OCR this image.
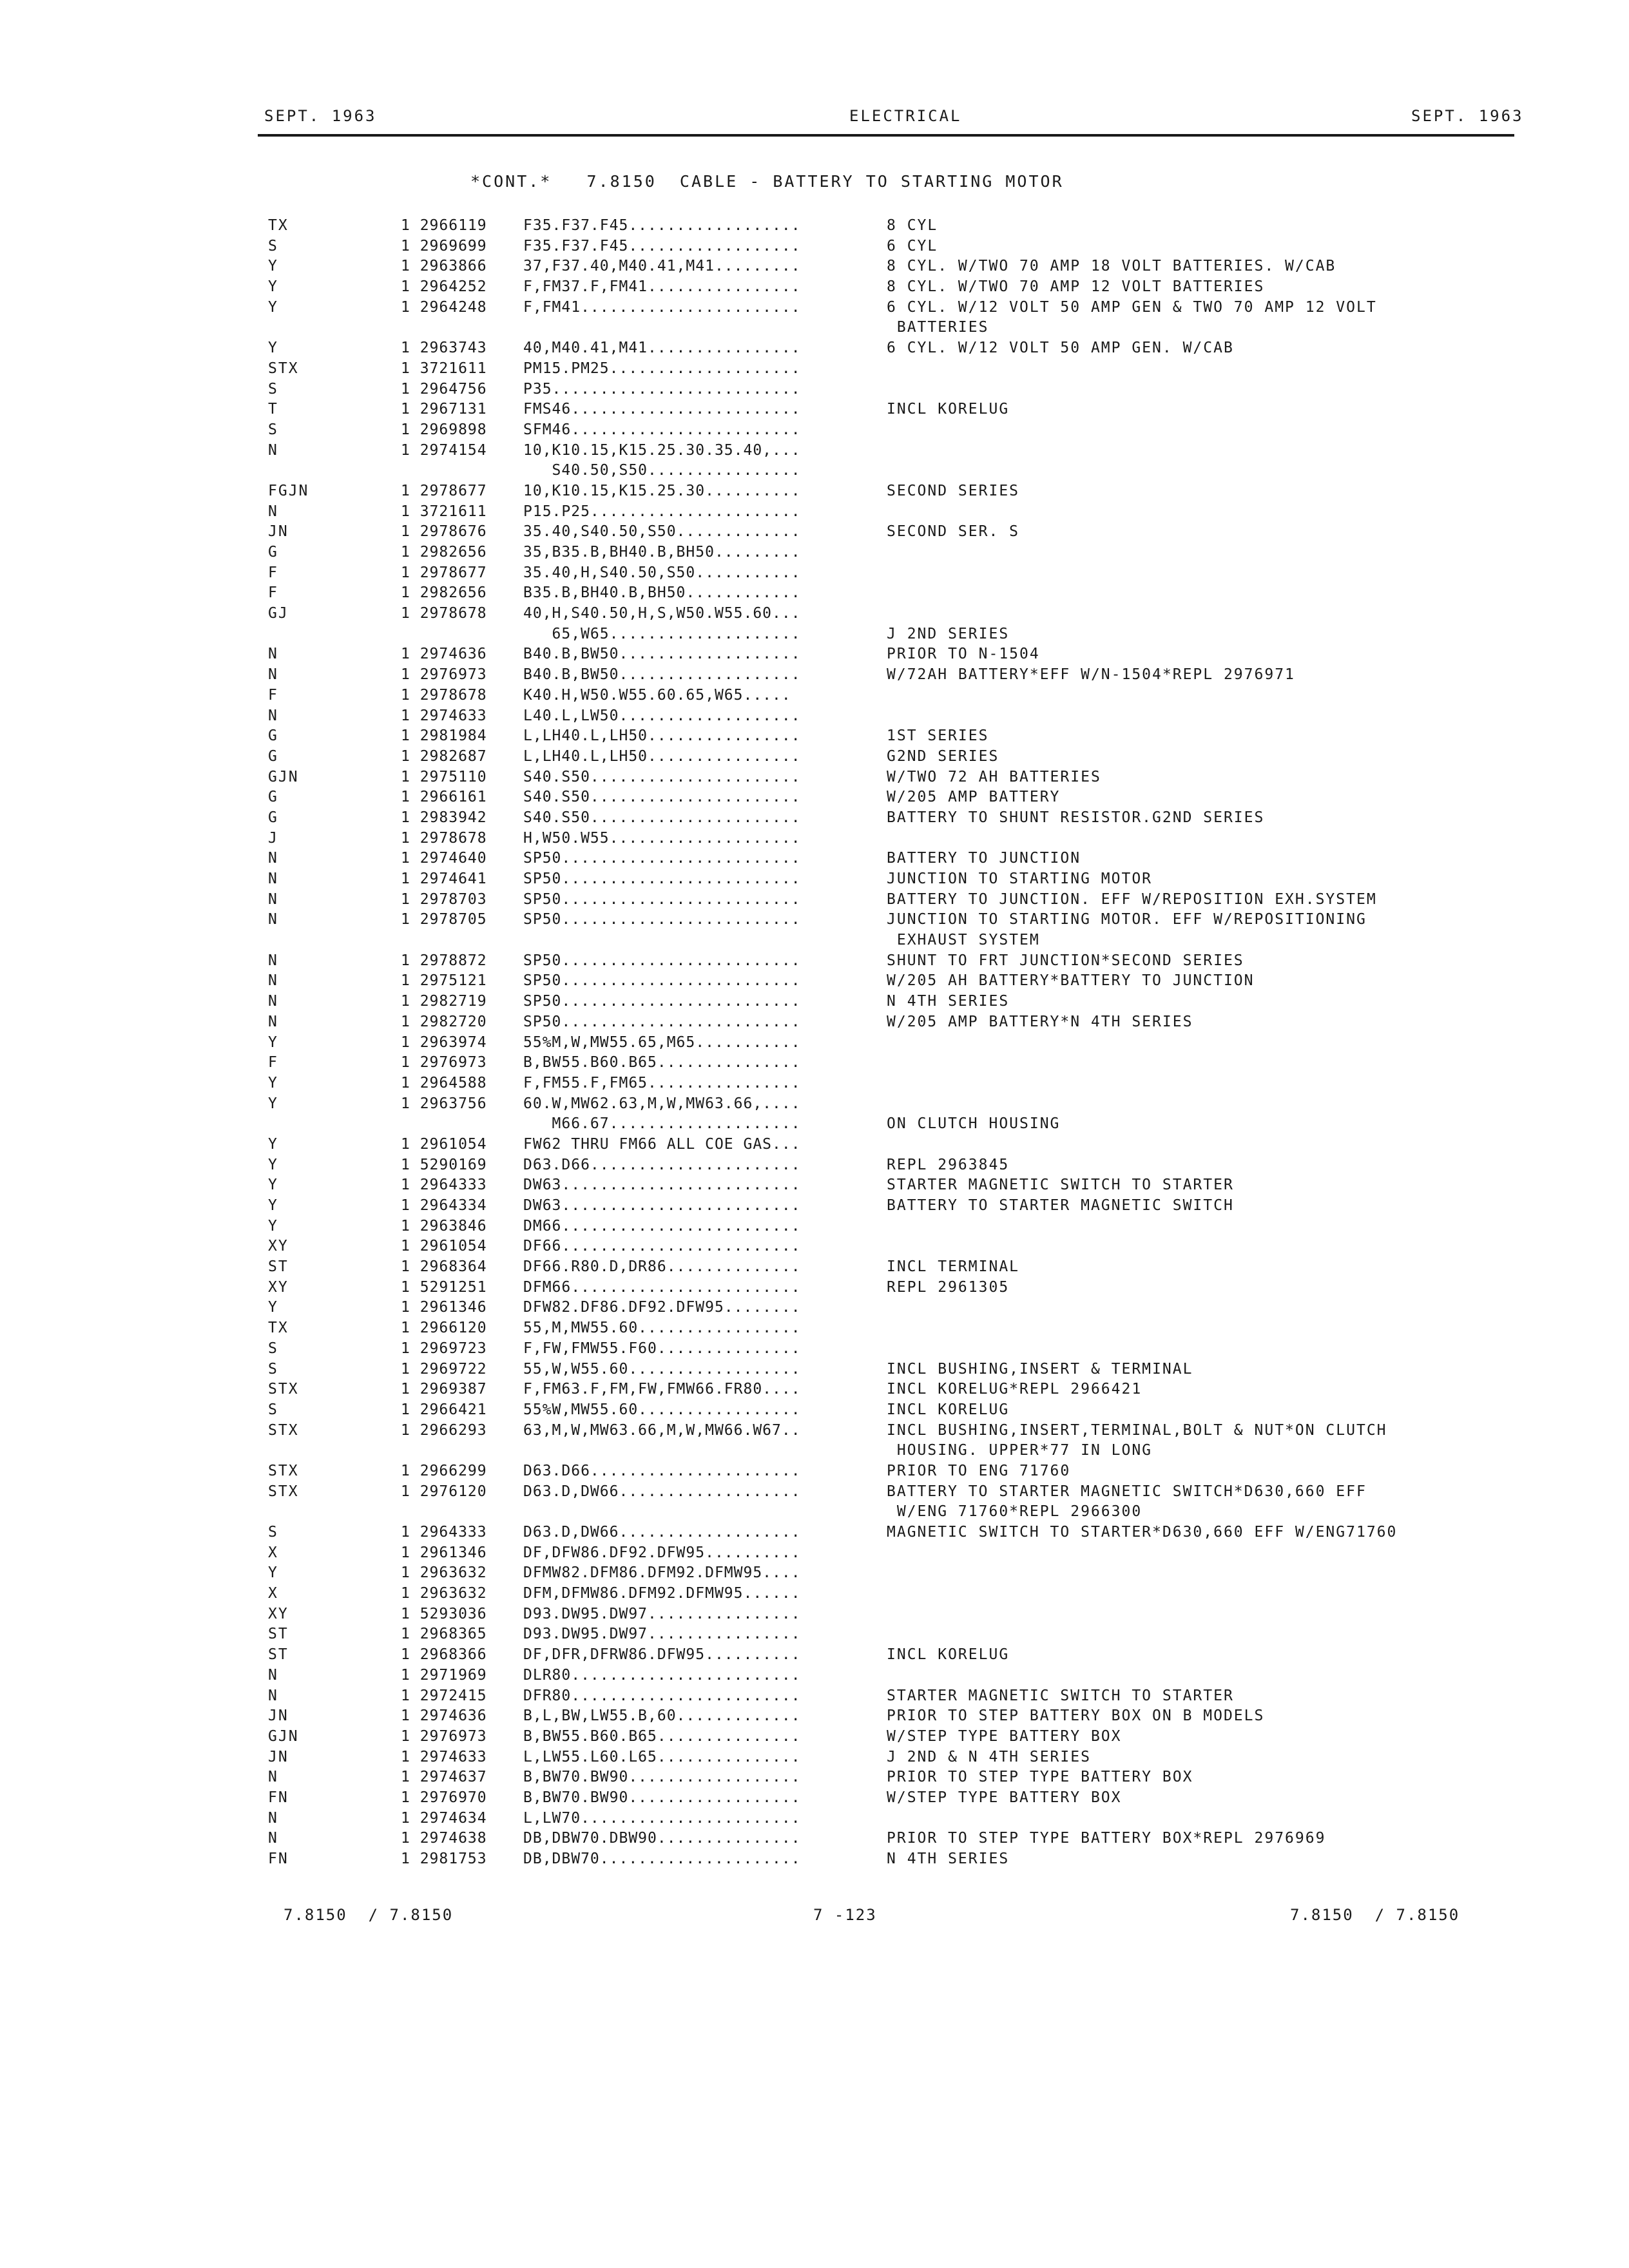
SEPT. 1963	ELECTRICAL	SEPT. 1963
*CONT.*   7.8150  CABLE - BATTERY TO STARTING MOTOR
TX	1 2966119 F35.F37.F45..................	8 CYL
S	1 2969699 F35.F37.F45..................	6 CYL
Y	1 2963866 37,F37.40,M40.41,M41.........	8 CYL. W/TWO 70 AMP 18 VOLT BATTERIES. W/CAB
Y	1 2964252 F,FM37.F,FM41................	8 CYL. W/TWO 70 AMP 12 VOLT BATTERIES
Y	1 2964248 F,FM41.......................	6 CYL. W/12 VOLT 50 AMP GEN & TWO 70 AMP 12 VOLT
BATTERIES
Y	1 2963743 40,M40.41,M41................	6 CYL. W/12 VOLT 50 AMP GEN. W/CAB
STX	1 3721611 PM15.PM25....................
S	1 2964756 P35..........................
T	1 2967131 FMS46........................	INCL KORELUG
S	1 2969898 SFM46........................
N	1 2974154 10,K10.15,K15.25.30.35.40,...
S40.50,S50................
FGJN	1 2978677 10,K10.15,K15.25.30..........	SECOND SERIES
N	1 3721611 P15.P25......................
JN	1 2978676 35.40,S40.50,S50.............	SECOND SER. S
G	1 2982656 35,B35.B,BH40.B,BH50.........
F	1 2978677 35.40,H,S40.50,S50...........
F	1 2982656 B35.B,BH40.B,BH50............
GJ	1 2978678 40,H,S40.50,H,S,W50.W55.60...
65,W65....................	J 2ND SERIES
N	1 2974636 B40.B,BW50...................	PRIOR TO N-1504
N	1 2976973 B40.B,BW50...................	W/72AH BATTERY*EFF W/N-1504*REPL 2976971
F	1 2978678 K40.H,W50.W55.60.65,W65.....
N	1 2974633 L40.L,LW50...................
G	1 2981984 L,LH40.L,LH50................	1ST SERIES
G	1 2982687 L,LH40.L,LH50................	G2ND SERIES
GJN	1 2975110 S40.S50......................	W/TWO 72 AH BATTERIES
G	1 2966161 S40.S50......................	W/205 AMP BATTERY
G	1 2983942 S40.S50......................	BATTERY TO SHUNT RESISTOR.G2ND SERIES
J	1 2978678 H,W50.W55....................
N	1 2974640 SP50.........................	BATTERY TO JUNCTION
N	1 2974641 SP50.........................	JUNCTION TO STARTING MOTOR
N	1 2978703 SP50.........................	BATTERY TO JUNCTION. EFF W/REPOSITION EXH.SYSTEM
N	1 2978705 SP50.........................	JUNCTION TO STARTING MOTOR. EFF W/REPOSITIONING
EXHAUST SYSTEM
N	1 2978872 SP50.........................	SHUNT TO FRT JUNCTION*SECOND SERIES
N	1 2975121 SP50.........................	W/205 AH BATTERY*BATTERY TO JUNCTION
N	1 2982719 SP50.........................	N 4TH SERIES
N	1 2982720 SP50.........................	W/205 AMP BATTERY*N 4TH SERIES
Y	1 2963974 55%M,W,MW55.65,M65...........
F	1 2976973 B,BW55.B60.B65...............
Y	1 2964588 F,FM55.F,FM65................
Y	1 2963756 60.W,MW62.63,M,W,MW63.66,....
M66.67....................	ON CLUTCH HOUSING
Y	1 2961054 FW62 THRU FM66 ALL COE GAS...
Y	1 5290169 D63.D66......................	REPL 2963845
Y	1 2964333 DW63.........................	STARTER MAGNETIC SWITCH TO STARTER
Y	1 2964334 DW63.........................	BATTERY TO STARTER MAGNETIC SWITCH
Y	1 2963846 DM66.........................
XY	1 2961054 DF66.........................
ST	1 2968364 DF66.R80.D,DR86..............	INCL TERMINAL
XY	1 5291251 DFM66........................	REPL 2961305
Y	1 2961346 DFW82.DF86.DF92.DFW95........
TX	1 2966120 55,M,MW55.60.................
S	1 2969723 F,FW,FMW55.F60...............
S	1 2969722 55,W,W55.60..................	INCL BUSHING,INSERT & TERMINAL
STX	1 2969387 F,FM63.F,FM,FW,FMW66.FR80....	INCL KORELUG*REPL 2966421
S	1 2966421 55%W,MW55.60.................	INCL KORELUG
STX	1 2966293 63,M,W,MW63.66,M,W,MW66.W67..	INCL BUSHING,INSERT,TERMINAL,BOLT & NUT*ON CLUTCH
HOUSING. UPPER*77 IN LONG
STX	1 2966299 D63.D66......................	PRIOR TO ENG 71760
STX	1 2976120 D63.D,DW66...................	BATTERY TO STARTER MAGNETIC SWITCH*D630,660 EFF
W/ENG 71760*REPL 2966300
S	1 2964333 D63.D,DW66...................	MAGNETIC SWITCH TO STARTER*D630,660 EFF W/ENG71760
X	1 2961346 DF,DFW86.DF92.DFW95..........
Y	1 2963632 DFMW82.DFM86.DFM92.DFMW95....
X	1 2963632 DFM,DFMW86.DFM92.DFMW95......
XY	1 5293036 D93.DW95.DW97................
ST	1 2968365 D93.DW95.DW97................
ST	1 2968366 DF,DFR,DFRW86.DFW95..........	INCL KORELUG
N	1 2971969 DLR80........................
N	1 2972415 DFR80........................	STARTER MAGNETIC SWITCH TO STARTER
JN	1 2974636 B,L,BW,LW55.B,60.............	PRIOR TO STEP BATTERY BOX ON B MODELS
GJN	1 2976973 B,BW55.B60.B65...............	W/STEP TYPE BATTERY BOX
JN	1 2974633 L,LW55.L60.L65...............	J 2ND & N 4TH SERIES
N	1 2974637 B,BW70.BW90..................	PRIOR TO STEP TYPE BATTERY BOX
FN	1 2976970 B,BW70.BW90..................	W/STEP TYPE BATTERY BOX
N	1 2974634 L,LW70.......................
N	1 2974638 DB,DBW70.DBW90...............	PRIOR TO STEP TYPE BATTERY BOX*REPL 2976969
FN	1 2981753 DB,DBW70.....................	N 4TH SERIES
7.8150  / 7.8150	7 -123	7.8150  / 7.8150
